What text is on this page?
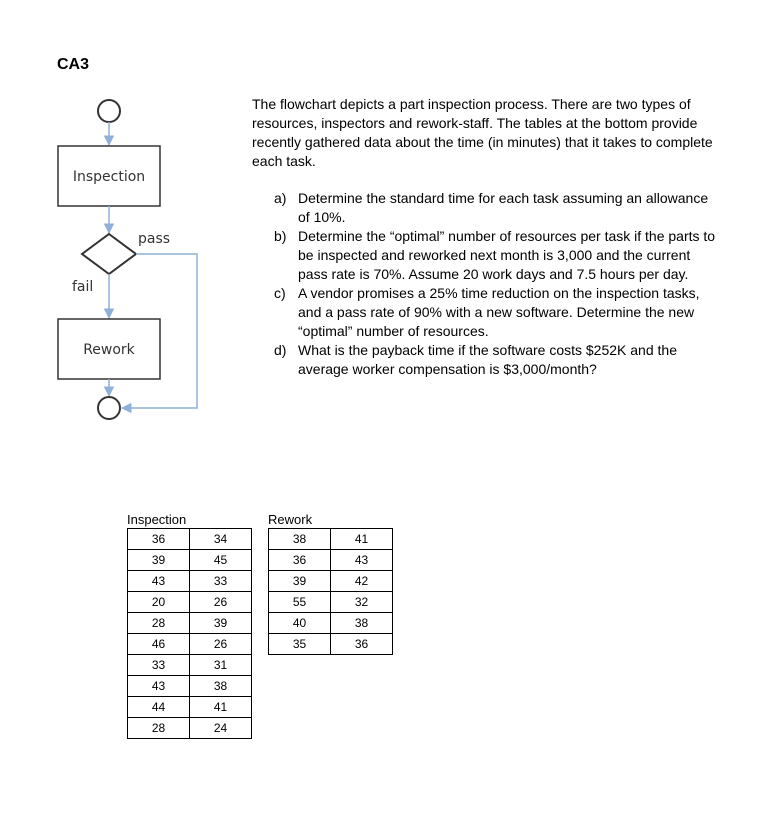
CA3
Inspection
pass
fail
Rework

The flowchart depicts a part inspection process. There are two types of resources, inspectors and rework-staff. The tables at the bottom provide recently gathered data about the time (in minutes) that it takes to complete each task.

a) Determine the standard time for each task assuming an allowance of 10%.
b) Determine the “optimal” number of resources per task if the parts to be inspected and reworked next month is 3,000 and the current pass rate is 70%. Assume 20 work days and 7.5 hours per day.
c) A vendor promises a 25% time reduction on the inspection tasks, and a pass rate of 90% with a new software. Determine the new “optimal” number of resources.
d) What is the payback time if the software costs $252K and the average worker compensation is $3,000/month?
Inspection
36	34
39	45
43	33
20	26
28	39
46	26
33	31
43	38
44	41
28	24
Rework
38	41
36	43
39	42
55	32
40	38
35	36
